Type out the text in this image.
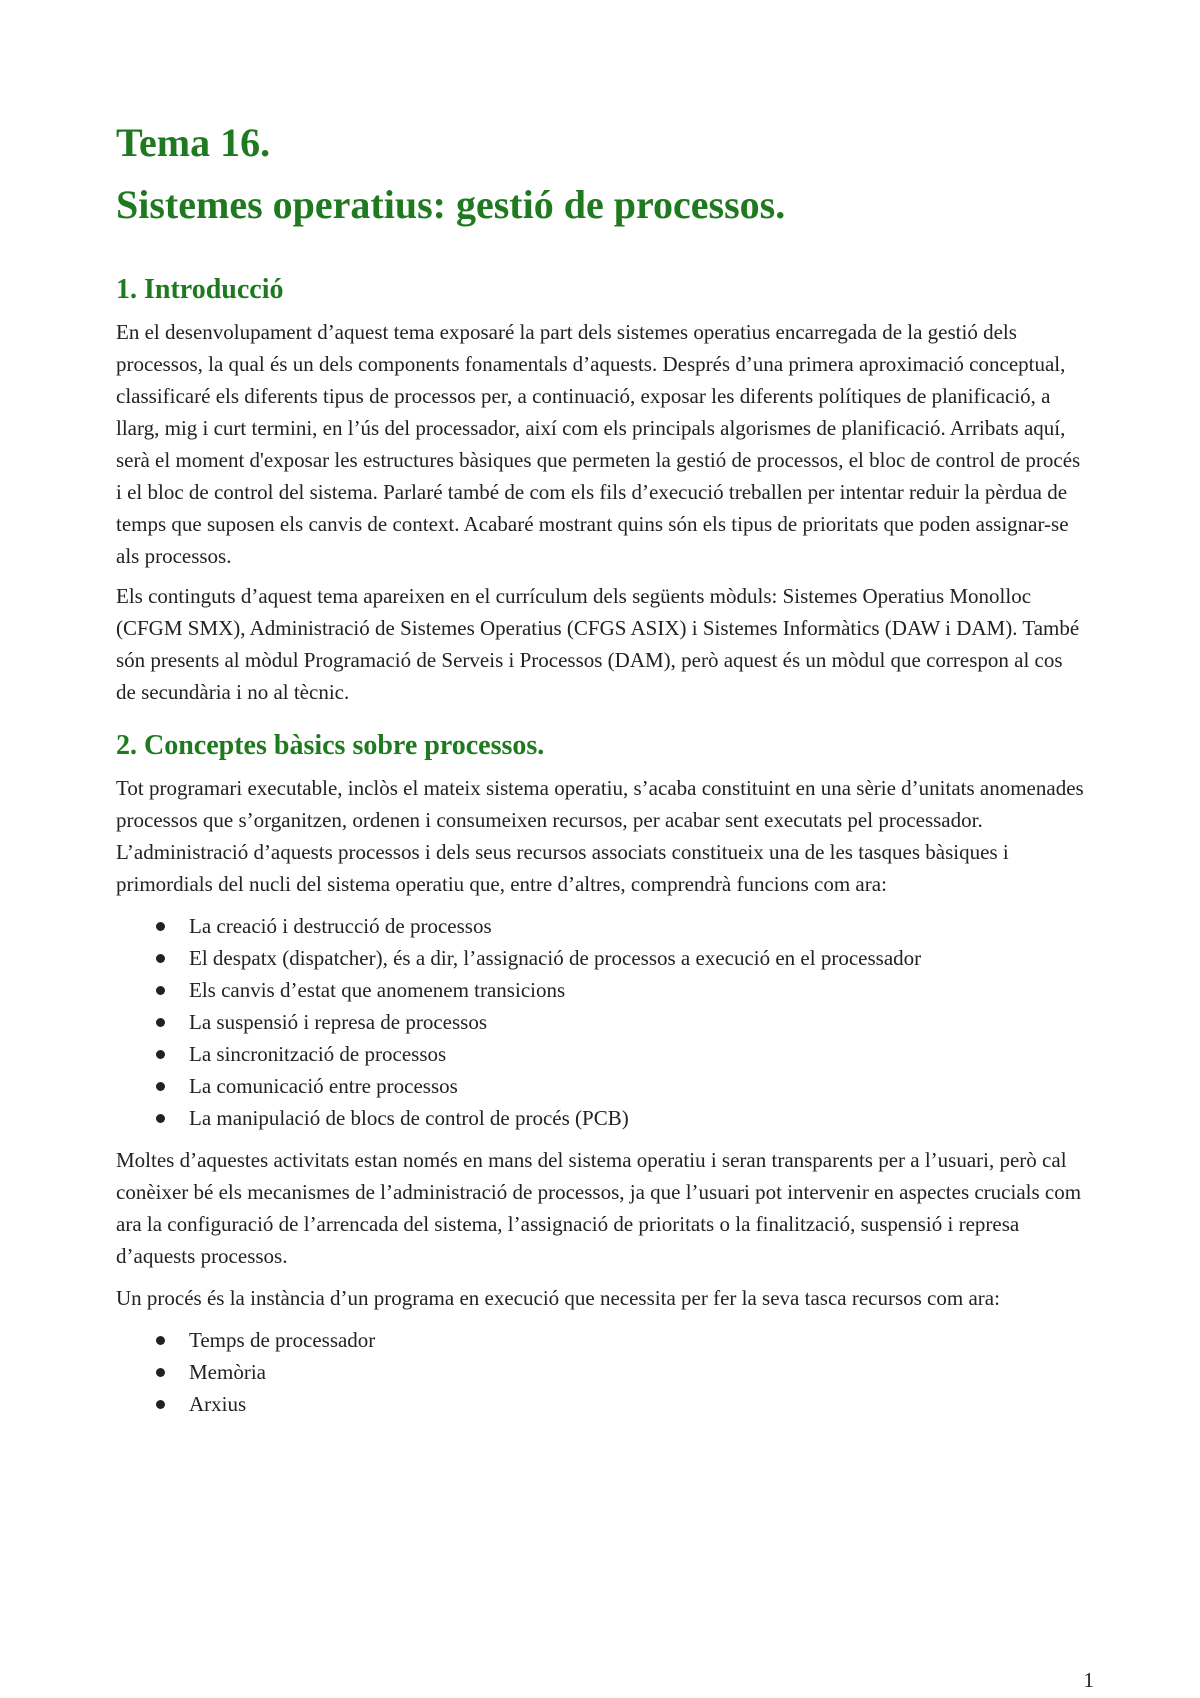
Tema 16.
Sistemes operatius: gestió de processos.
1. Introducció

En el desenvolupament d’aquest tema exposaré la part dels sistemes operatius encarregada de la gestió dels processos, la qual és un dels components fonamentals d’aquests. Després d’una primera aproximació conceptual, classificaré els diferents tipus de processos per, a continuació, exposar les diferents polítiques de planificació, a llarg, mig i curt termini, en l’ús del processador, així com els principals algorismes de planificació. Arribats aquí, serà el moment d'exposar les estructures bàsiques que permeten la gestió de processos, el bloc de control de procés i el bloc de control del sistema. Parlaré també de com els fils d’execució treballen per intentar reduir la pèrdua de temps que suposen els canvis de context. Acabaré mostrant quins són els tipus de prioritats que poden assignar-se als processos.

Els continguts d’aquest tema apareixen en el currículum dels següents mòduls: Sistemes Operatius Monolloc (CFGM SMX), Administració de Sistemes Operatius (CFGS ASIX) i Sistemes Informàtics (DAW i DAM). També són presents al mòdul Programació de Serveis i Processos (DAM), però aquest és un mòdul que correspon al cos de secundària i no al tècnic.

2. Conceptes bàsics sobre processos.

Tot programari executable, inclòs el mateix sistema operatiu, s’acaba constituint en una sèrie d’unitats anomenades processos que s’organitzen, ordenen i consumeixen recursos, per acabar sent executats pel processador. L’administració d’aquests processos i dels seus recursos associats constitueix una de les tasques bàsiques i primordials del nucli del sistema operatiu que, entre d’altres, comprendrà funcions com ara:

La creació i destrucció de processos
El despatx (dispatcher), és a dir, l’assignació de processos a execució en el processador
Els canvis d’estat que anomenem transicions
La suspensió i represa de processos
La sincronització de processos
La comunicació entre processos
La manipulació de blocs de control de procés (PCB)

Moltes d’aquestes activitats estan només en mans del sistema operatiu i seran transparents per a l’usuari, però cal conèixer bé els mecanismes de l’administració de processos, ja que l’usuari pot intervenir en aspectes crucials com ara la configuració de l’arrencada del sistema, l’assignació de prioritats o la finalització, suspensió i represa d’aquests processos.

Un procés és la instància d’un programa en execució que necessita per fer la seva tasca recursos com ara:

Temps de processador
Memòria
Arxius
1
